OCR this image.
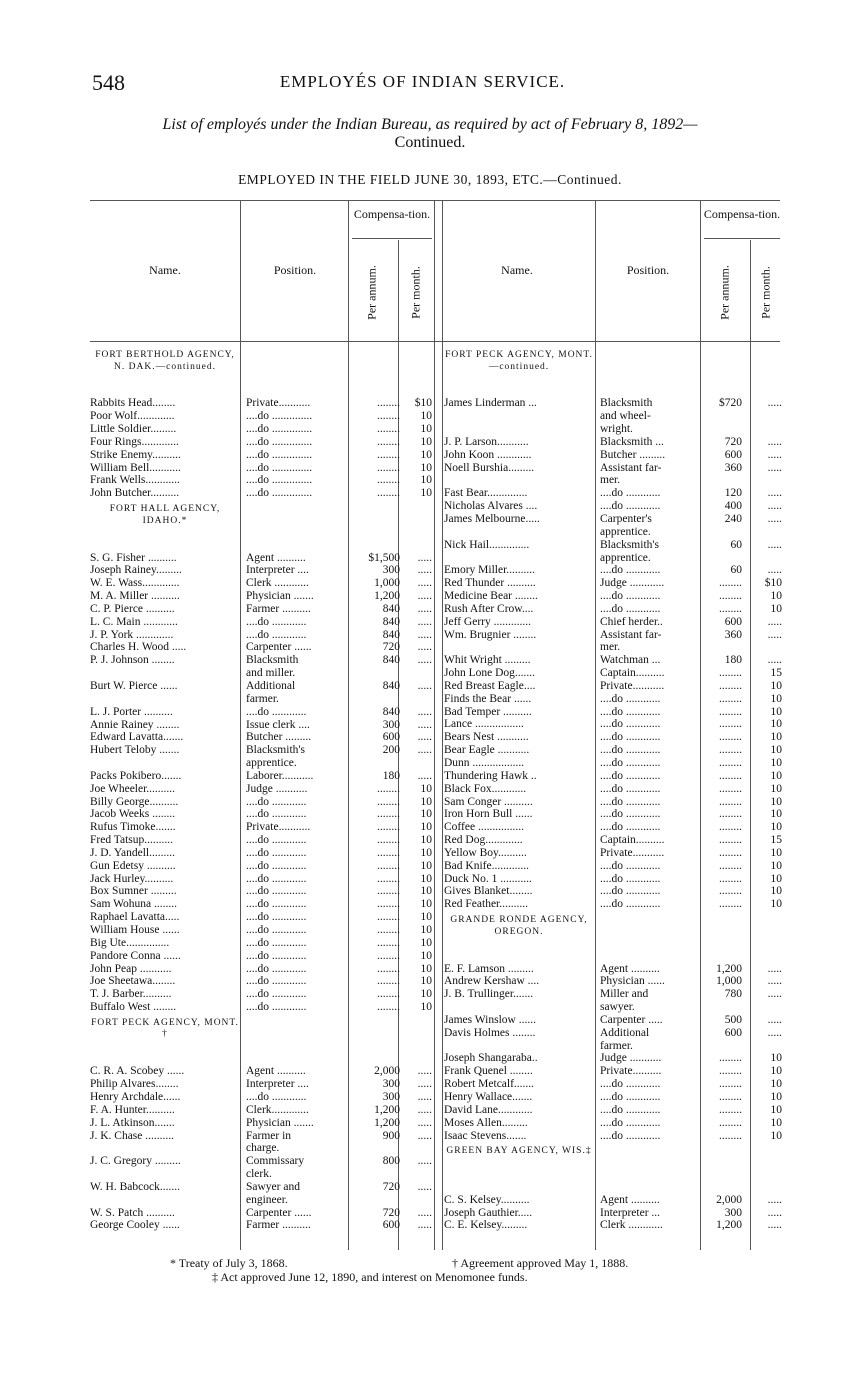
548	EMPLOYÉS OF INDIAN SERVICE.
List of employés under the Indian Bureau, as required by act of February 8, 1892—
Continued.
EMPLOYED IN THE FIELD JUNE 30, 1893, ETC.—Continued.
Name.	Position.
Compensa-tion.
Per annum.	Per month.	Name.	Position.
Compensa-tion.
Per annum. Per month.
FORT BERTHOLD AGENCY, N. DAK.—continued.
Rabbits Head........	Private...........	........	$10
Poor Wolf.............	....do ..............	........	10
Little Soldier.........	....do ..............	........	10
Four Rings.............	....do ..............	........	10
Strike Enemy..........	....do ..............	........	10
William Bell...........	....do ..............	........	10
Frank Wells............	....do ..............	........	10
John Butcher..........	....do ..............	........	10
FORT HALL AGENCY, IDAHO.*
S. G. Fisher ..........	Agent ..........	$1,500	.....
Joseph Rainey.........	Interpreter ....	300	.....
W. E. Wass.............	Clerk ............	1,000	.....
M. A. Miller ..........	Physician .......	1,200	.....
C. P. Pierce ..........	Farmer ..........	840	.....
L. C. Main ............	....do ............	840	.....
J. P. York .............	....do ............	840	.....
Charles H. Wood .....	Carpenter ......	720	.....
P. J. Johnson ........	Blacksmith	840	.....
and miller.
Burt W. Pierce ......	Additional	840	.....
farmer.
L. J. Porter ..........	....do ............	840	.....
Annie Rainey ........	Issue clerk ....	300	.....
Edward Lavatta.......	Butcher .........	600	.....
Hubert Teloby .......	Blacksmith's	200	.....
apprentice.
Packs Pokibero.......	Laborer...........	180	.....
Joe Wheeler..........	Judge ...........	........	10
Billy George..........	....do ............	........	10
Jacob Weeks ........	....do ............	........	10
Rufus Timoke.......	Private...........	........	10
Fred Tatsup..........	....do ............	........	10
J. D. Yandell.........	....do ............	........	10
Gun Edetsy ..........	....do ............	........	10
Jack Hurley..........	....do ............	........	10
Box Sumner .........	....do ............	........	10
Sam Wohuna ........	....do ............	........	10
Raphael Lavatta.....	....do ............	........	10
William House ......	....do ............	........	10
Big Ute...............	....do ............	........	10
Pandore Conna ......	....do ............	........	10
John Peap ...........	....do ............	........	10
Joe Sheetawa........	....do ............	........	10
T. J. Barber..........	....do ............	........	10
Buffalo West ........	....do ............	........	10
FORT PECK AGENCY, MONT. †
C. R. A. Scobey ......	Agent ..........	2,000	.....
Philip Alvares........	Interpreter ....	300	.....
Henry Archdale......	....do ............	300	.....
F. A. Hunter..........	Clerk.............	1,200	.....
J. L. Atkinson.......	Physician .......	1,200	.....
J. K. Chase ..........	Farmer in	900	.....
charge.
J. C. Gregory .........	Commissary	800	.....
clerk.
W. H. Babcock.......	Sawyer and	720	.....
engineer.
W. S. Patch ..........	Carpenter ......	720	.....
George Cooley ......	Farmer ..........	600	.....
FORT PECK AGENCY, MONT.—continued.
James Linderman ...	Blacksmith	$720	.....
and wheel-
wright.
J. P. Larson...........	Blacksmith ...	720	.....
John Koon ............	Butcher .........	600	.....
Noell Burshia.........	Assistant far-	360	.....
mer.
Fast Bear..............	....do ............	120	.....
Nicholas Alvares ....	....do ............	400	.....
James Melbourne.....	Carpenter's	240	.....
apprentice.
Nick Hail..............	Blacksmith's	60	.....
apprentice.
Emory Miller..........	....do ............	60	.....
Red Thunder ..........	Judge ............	........	$10
Medicine Bear ........	....do ............	........	10
Rush After Crow....	....do ............	........	10
Jeff Gerry .............	Chief herder..	600	.....
Wm. Brugnier ........	Assistant far-	360	.....
mer.
Whit Wright .........	Watchman ...	180	.....
John Lone Dog.......	Captain..........	........	15
Red Breast Eagle....	Private...........	........	10
Finds the Bear ......	....do ............	........	10
Bad Temper ..........	....do ............	........	10
Lance .................	....do ............	........	10
Bears Nest ...........	....do ............	........	10
Bear Eagle ...........	....do ............	........	10
Dunn ..................	....do ............	........	10
Thundering Hawk ..	....do ............	........	10
Black Fox............	....do ............	........	10
Sam Conger ..........	....do ............	........	10
Iron Horn Bull ......	....do ............	........	10
Coffee ................	....do ............	........	10
Red Dog.............	Captain..........	........	15
Yellow Boy..........	Private...........	........	10
Bad Knife.............	....do ............	........	10
Duck No. 1 ...........	....do ............	........	10
Gives Blanket........	....do ............	........	10
Red Feather..........	....do ............	........	10
GRANDE RONDE AGENCY, OREGON.
E. F. Lamson .........	Agent ..........	1,200	.....
Andrew Kershaw ....	Physician ......	1,000	.....
J. B. Trullinger.......	Miller and	780	.....
sawyer.
James Winslow ......	Carpenter .....	500	.....
Davis Holmes ........	Additional	600	.....
farmer.
Joseph Shangaraba..	Judge ...........	........	10
Frank Quenel ........	Private..........	........	10
Robert Metcalf.......	....do ............	........	10
Henry Wallace.......	....do ............	........	10
David Lane............	....do ............	........	10
Moses Allen.........	....do ............	........	10
Isaac Stevens.......	....do ............	........	10
GREEN BAY AGENCY, WIS.‡
C. S. Kelsey..........	Agent ..........	2,000	.....
Joseph Gauthier.....	Interpreter ...	300	.....
C. E. Kelsey.........	Clerk ............	1,200	.....
* Treaty of July 3, 1868.	† Agreement approved May 1, 1888.
‡ Act approved June 12, 1890, and interest on Menomonee funds.
